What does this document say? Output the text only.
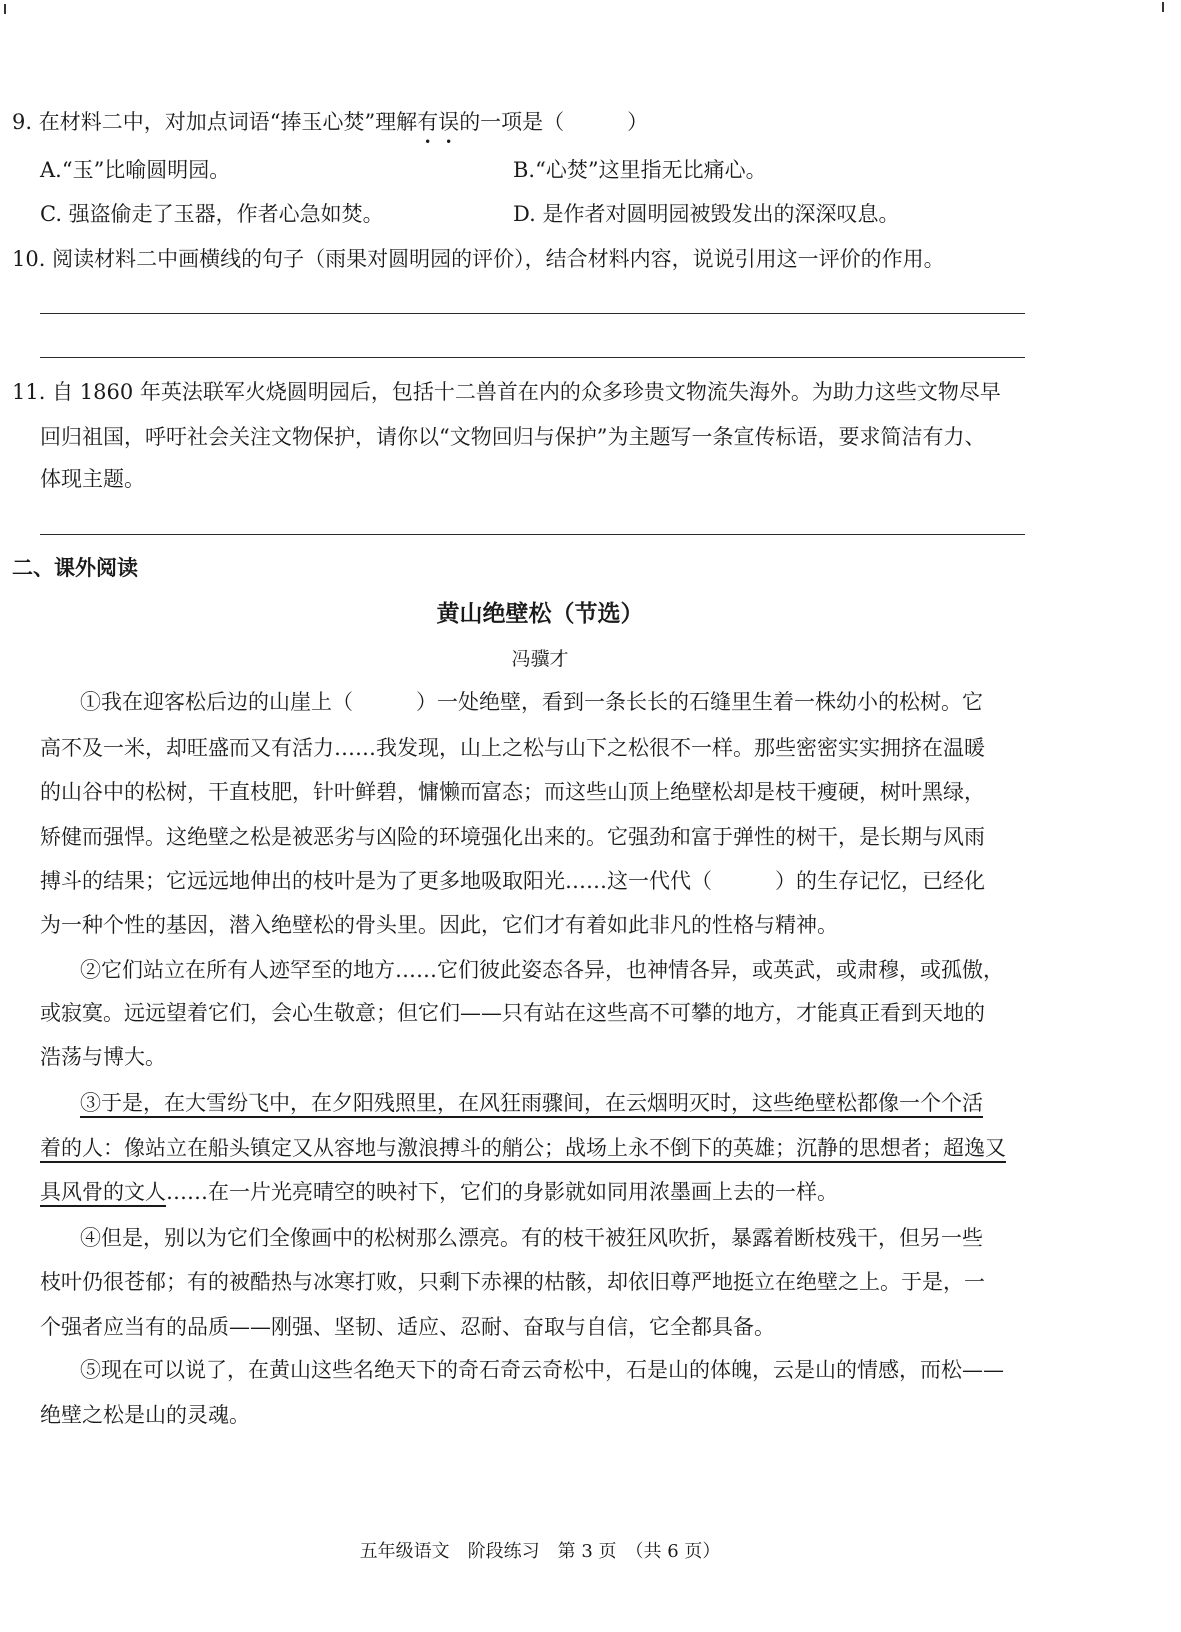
9. 在材料二中，对加点词语“捧玉心焚”理解有误的一项是（　　　）
A.“玉”比喻圆明园。	B.“心焚”这里指无比痛心。
C. 强盗偷走了玉器，作者心急如焚。	D. 是作者对圆明园被毁发出的深深叹息。
10. 阅读材料二中画横线的句子（雨果对圆明园的评价），结合材料内容，说说引用这一评价的作用。
11. 自 1860 年英法联军火烧圆明园后，包括十二兽首在内的众多珍贵文物流失海外。为助力这些文物尽早
回归祖国，呼吁社会关注文物保护，请你以“文物回归与保护”为主题写一条宣传标语，要求简洁有力、
体现主题。
二、课外阅读
黄山绝壁松（节选）
冯骥才
①我在迎客松后边的山崖上（　　　）一处绝壁，看到一条长长的石缝里生着一株幼小的松树。它
高不及一米，却旺盛而又有活力……我发现，山上之松与山下之松很不一样。那些密密实实拥挤在温暖
的山谷中的松树，干直枝肥，针叶鲜碧，慵懒而富态；而这些山顶上绝壁松却是枝干瘦硬，树叶黑绿，
矫健而强悍。这绝壁之松是被恶劣与凶险的环境强化出来的。它强劲和富于弹性的树干，是长期与风雨
搏斗的结果；它远远地伸出的枝叶是为了更多地吸取阳光……这一代代（　　　）的生存记忆，已经化
为一种个性的基因，潜入绝壁松的骨头里。因此，它们才有着如此非凡的性格与精神。
②它们站立在所有人迹罕至的地方……它们彼此姿态各异，也神情各异，或英武，或肃穆，或孤傲，
或寂寞。远远望着它们，会心生敬意；但它们——只有站在这些高不可攀的地方，才能真正看到天地的
浩荡与博大。
③于是，在大雪纷飞中，在夕阳残照里，在风狂雨骤间，在云烟明灭时，这些绝壁松都像一个个活
着的人：像站立在船头镇定又从容地与激浪搏斗的艄公；战场上永不倒下的英雄；沉静的思想者；超逸又
具风骨的文人……在一片光亮晴空的映衬下，它们的身影就如同用浓墨画上去的一样。
④但是，别以为它们全像画中的松树那么漂亮。有的枝干被狂风吹折，暴露着断枝残干，但另一些
枝叶仍很苍郁；有的被酷热与冰寒打败，只剩下赤裸的枯骸，却依旧尊严地挺立在绝壁之上。于是，一
个强者应当有的品质——刚强、坚韧、适应、忍耐、奋取与自信，它全都具备。
⑤现在可以说了，在黄山这些名绝天下的奇石奇云奇松中，石是山的体魄，云是山的情感，而松——
绝壁之松是山的灵魂。
五年级语文　阶段练习　第 3 页　（共 6 页）
